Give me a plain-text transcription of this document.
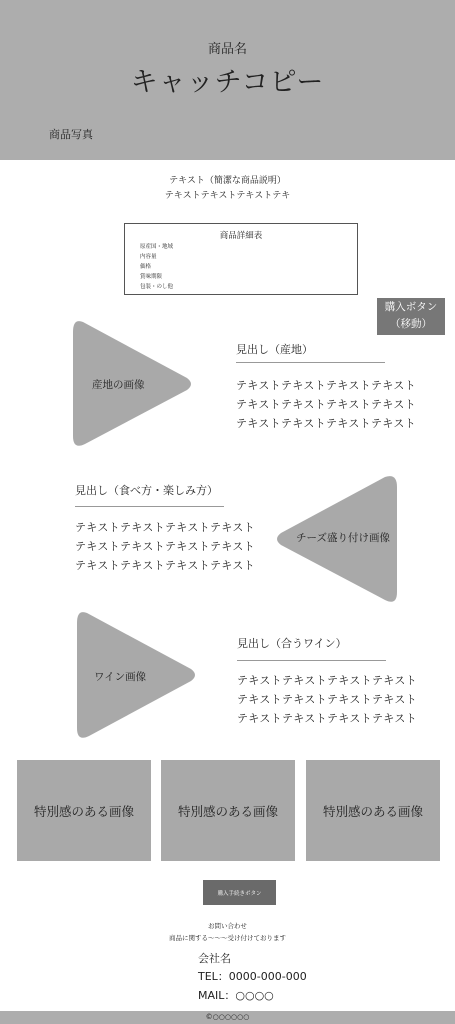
商品名
キャッチコピー
商品写真
テキスト（簡潔な商品説明）
テキストテキストテキストテキ
商品詳細表
原産国・地域
内容量
価格
賞味期限
包装・のし他
購入ボタン
（移動）
産地の画像
見出し（産地）
テキストテキストテキストテキスト
テキストテキストテキストテキスト
テキストテキストテキストテキスト
見出し（食べ方・楽しみ方）
テキストテキストテキストテキスト
テキストテキストテキストテキスト
テキストテキストテキストテキスト
チーズ盛り付け画像
ワイン画像
見出し（合うワイン）
テキストテキストテキストテキスト
テキストテキストテキストテキスト
テキストテキストテキストテキスト
特別感のある画像	特別感のある画像	特別感のある画像
購入手続きボタン
お問い合わせ
商品に関する〜〜〜受け付けております
会社名
TEL：0000-000-000
MAIL：○○○○
©○○○○○○
